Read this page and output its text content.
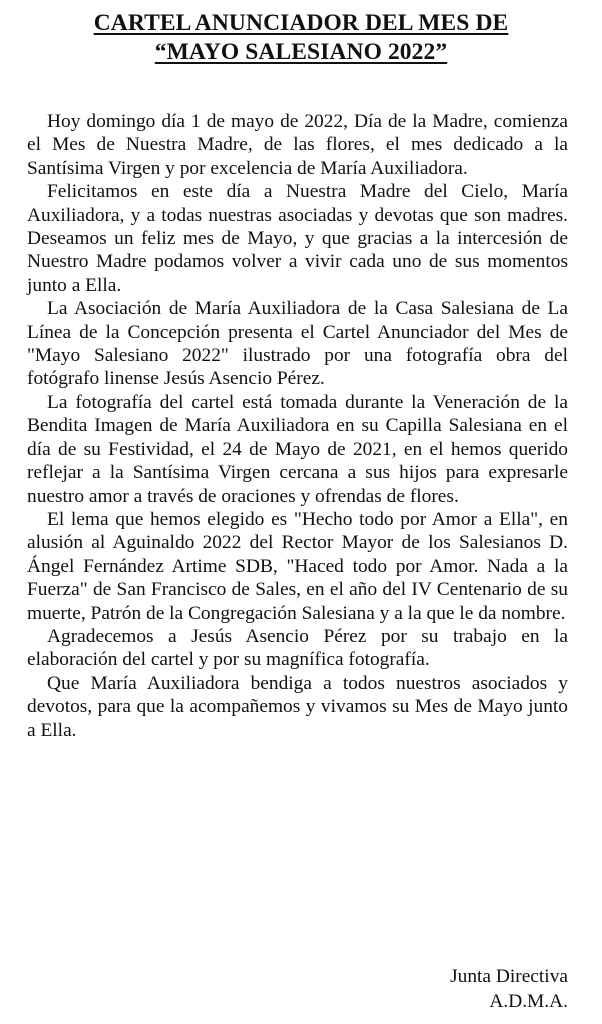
CARTEL ANUNCIADOR DEL MES DE
“MAYO SALESIANO 2022”

Hoy domingo día 1 de mayo de 2022, Día de la Madre, comienza el Mes de Nuestra Madre, de las flores, el mes dedicado a la Santísima Virgen y por excelencia de María Auxiliadora.

Felicitamos en este día a Nuestra Madre del Cielo, María Auxiliadora, y a todas nuestras asociadas y devotas que son madres. Deseamos un feliz mes de Mayo, y que gracias a la intercesión de Nuestro Madre podamos volver a vivir cada uno de sus momentos junto a Ella.

La Asociación de María Auxiliadora de la Casa Salesiana de La Línea de la Concepción presenta el Cartel Anunciador del Mes de "Mayo Salesiano 2022" ilustrado por una fotografía obra del fotógrafo linense Jesús Asencio Pérez.

La fotografía del cartel está tomada durante la Veneración de la Bendita Imagen de María Auxiliadora en su Capilla Salesiana en el día de su Festividad, el 24 de Mayo de 2021, en el hemos querido reflejar a la Santísima Virgen cercana a sus hijos para expresarle nuestro amor a través de oraciones y ofrendas de flores.

El lema que hemos elegido es "Hecho todo por Amor a Ella", en alusión al Aguinaldo 2022 del Rector Mayor de los Salesianos D. Ángel Fernández Artime SDB, "Haced todo por Amor. Nada a la Fuerza" de San Francisco de Sales, en el año del IV Centenario de su muerte, Patrón de la Congregación Salesiana y a la que le da nombre.

Agradecemos a Jesús Asencio Pérez por su trabajo en la elaboración del cartel y por su magnífica fotografía.

Que María Auxiliadora bendiga a todos nuestros asociados y devotos, para que la acompañemos y vivamos su Mes de Mayo junto a Ella.

Junta Directiva
A.D.M.A.
